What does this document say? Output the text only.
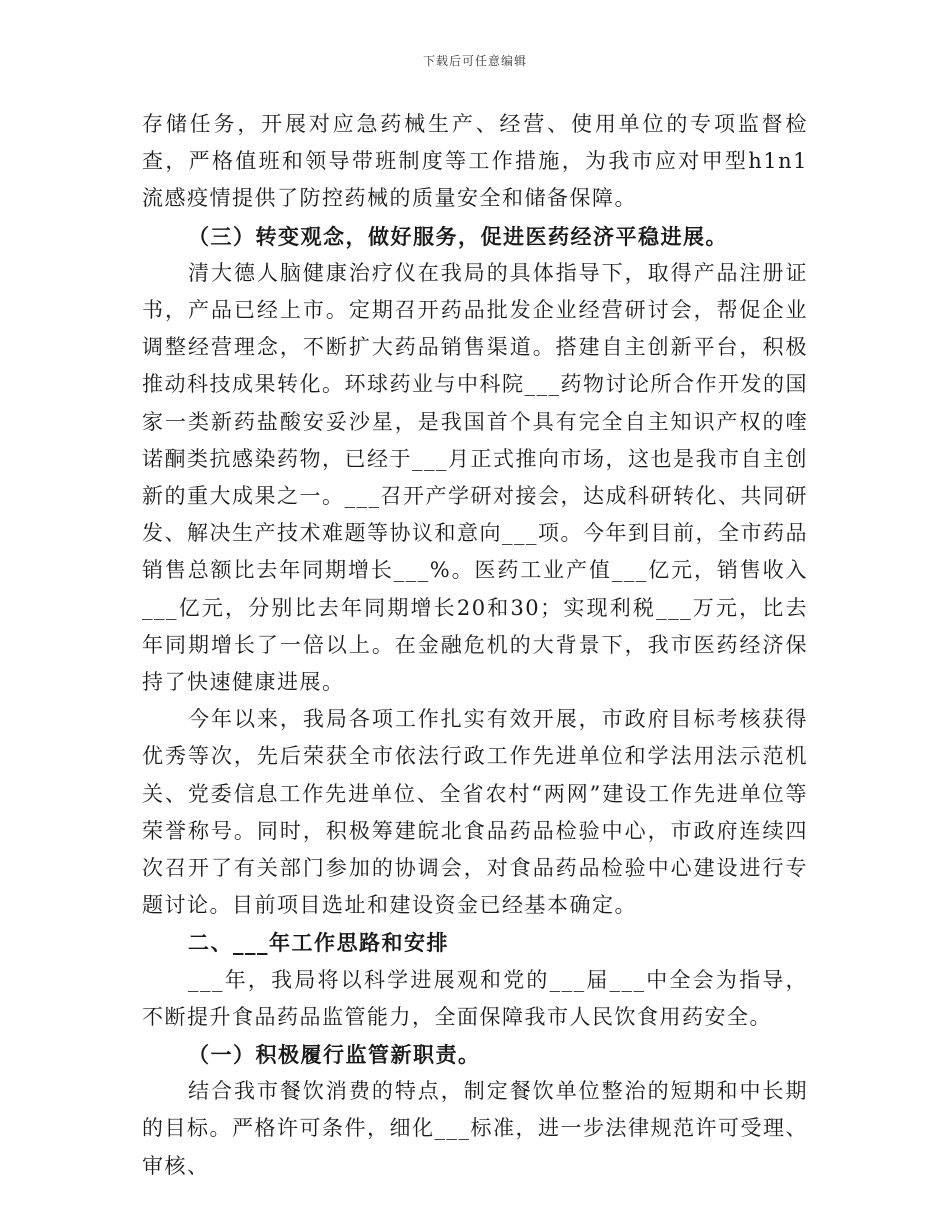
下载后可任意编辑

存储任务，开展对应急药械生产、经营、使用单位的专项监督检查，严格值班和领导带班制度等工作措施，为我市应对甲型h1n1流感疫情提供了防控药械的质量安全和储备保障。

（三）转变观念，做好服务，促进医药经济平稳进展。

清大德人脑健康治疗仪在我局的具体指导下，取得产品注册证书，产品已经上市。定期召开药品批发企业经营研讨会，帮促企业调整经营理念，不断扩大药品销售渠道。搭建自主创新平台，积极推动科技成果转化。环球药业与中科院___药物讨论所合作开发的国家一类新药盐酸安妥沙星，是我国首个具有完全自主知识产权的喹诺酮类抗感染药物，已经于___月正式推向市场，这也是我市自主创新的重大成果之一。___召开产学研对接会，达成科研转化、共同研发、解决生产技术难题等协议和意向___项。今年到目前，全市药品销售总额比去年同期增长___%。医药工业产值___亿元，销售收入___亿元，分别比去年同期增长20和30；实现利税___万元，比去年同期增长了一倍以上。在金融危机的大背景下，我市医药经济保持了快速健康进展。

今年以来，我局各项工作扎实有效开展，市政府目标考核获得优秀等次，先后荣获全市依法行政工作先进单位和学法用法示范机关、党委信息工作先进单位、全省农村“两网”建设工作先进单位等荣誉称号。同时，积极筹建皖北食品药品检验中心，市政府连续四次召开了有关部门参加的协调会，对食品药品检验中心建设进行专题讨论。目前项目选址和建设资金已经基本确定。

二、___年工作思路和安排

___年，我局将以科学进展观和党的___届___中全会为指导，不断提升食品药品监管能力，全面保障我市人民饮食用药安全。

（一）积极履行监管新职责。

结合我市餐饮消费的特点，制定餐饮单位整治的短期和中长期的目标。严格许可条件，细化___标准，进一步法律规范许可受理、审核、
